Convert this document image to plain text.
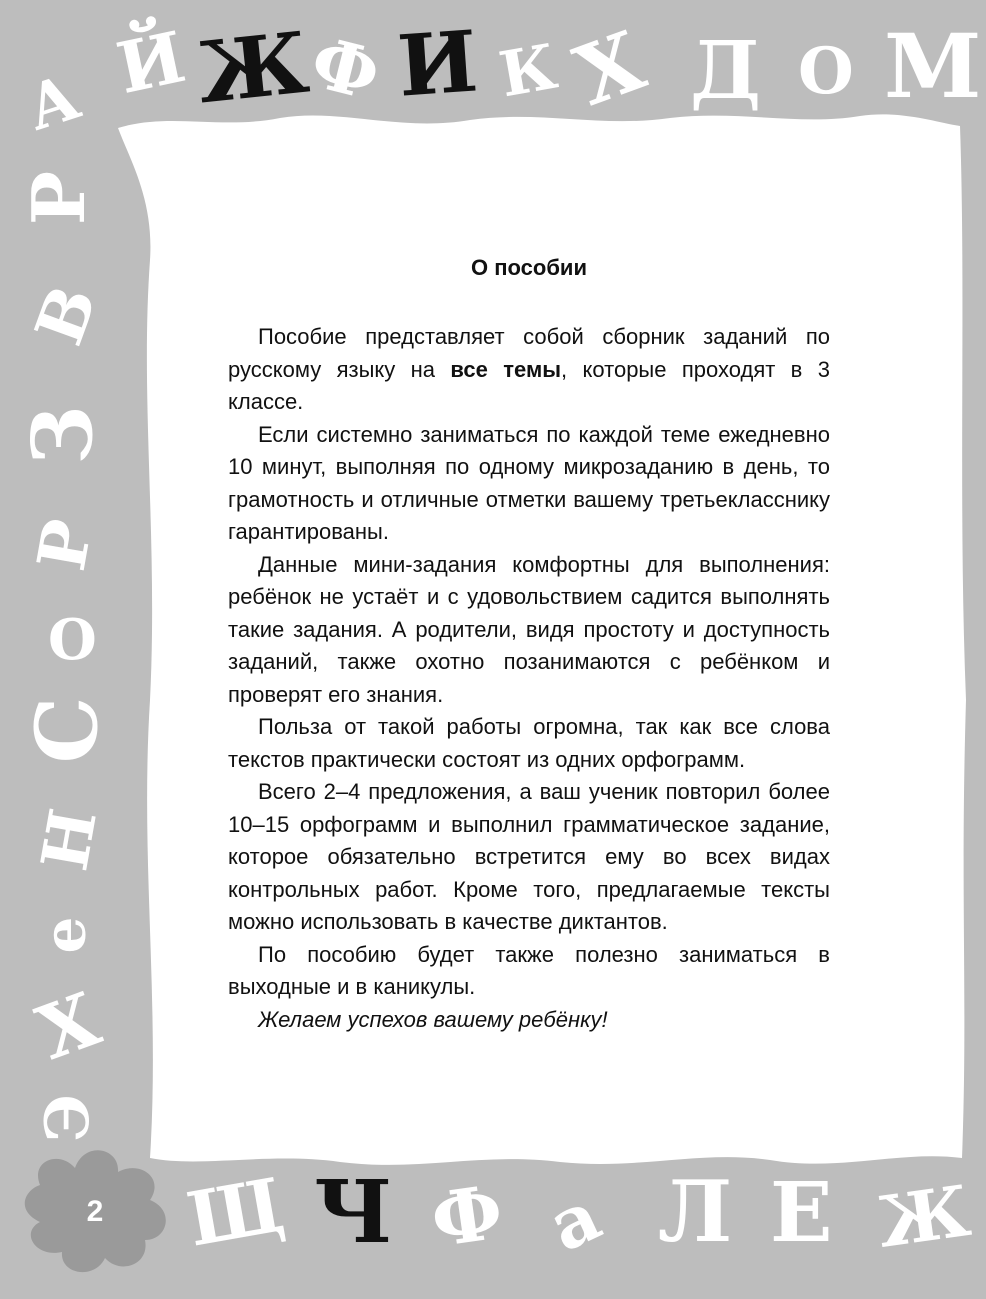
А Й Ж
Ф И К Х Д О М
Р
В
З
Р
О
С
Н
е
Х
Э
Щ Ч Ф а Л Е Ж
2
О пособии

Пособие представляет собой сборник заданий по русскому языку на все темы, которые проходят в 3 классе.

Если системно заниматься по каждой теме ежедневно 10 минут, выполняя по одному микрозаданию в день, то грамотность и отличные отметки вашему третьекласснику гарантированы.

Данные мини-задания комфортны для выполнения: ребёнок не устаёт и с удовольствием садится выполнять такие задания. А родители, видя простоту и доступность заданий, также охотно позанимаются с ребёнком и проверят его знания.

Польза от такой работы огромна, так как все слова текстов практически состоят из одних орфограмм.

Всего 2–4 предложения, а ваш ученик повторил более 10–15 орфограмм и выполнил грамматическое задание, которое обязательно встретится ему во всех видах контрольных работ. Кроме того, предлагаемые тексты можно использовать в качестве диктантов.

По пособию будет также полезно заниматься в выходные и в каникулы.

Желаем успехов вашему ребёнку!
